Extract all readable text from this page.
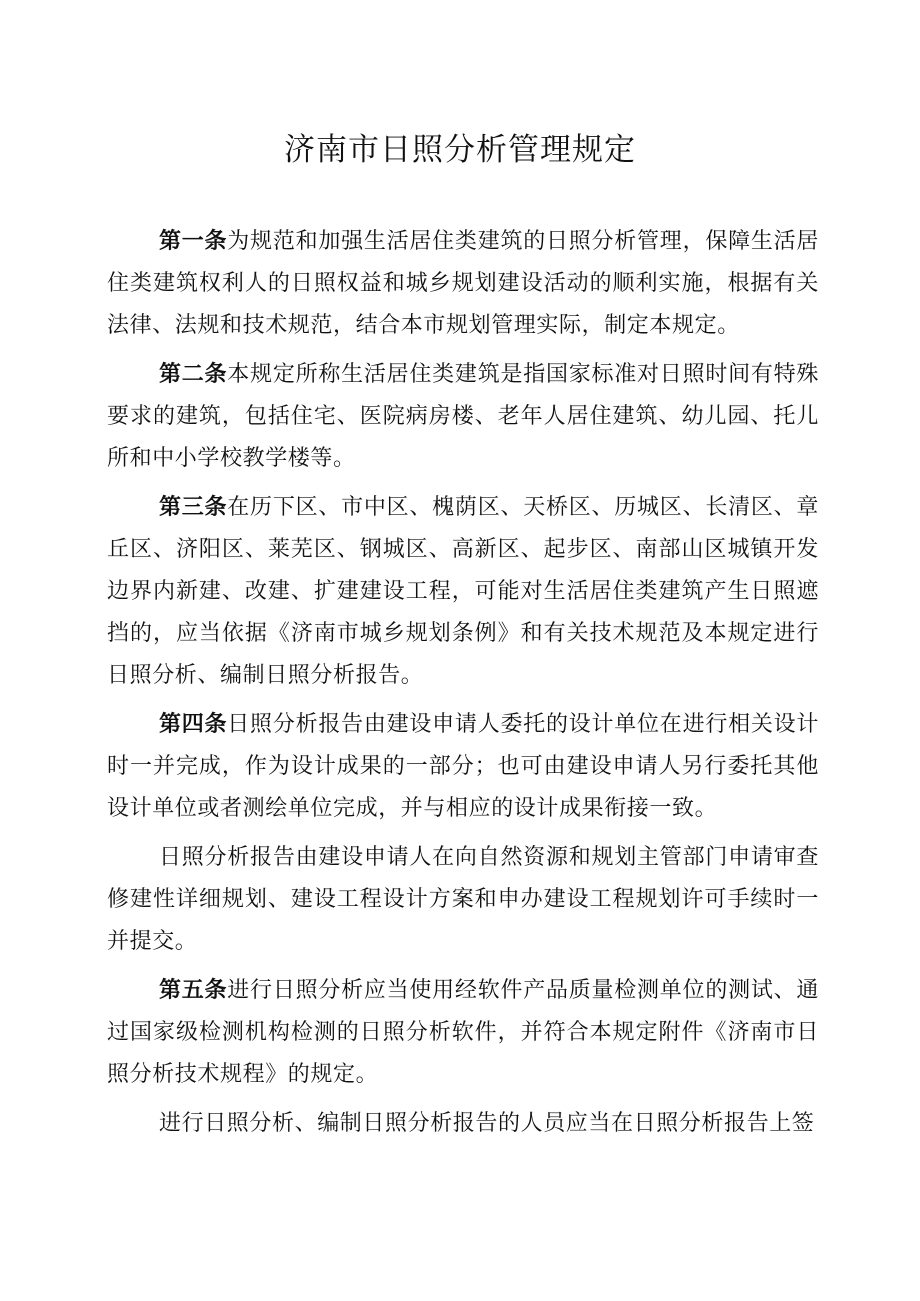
济南市日照分析管理规定

第一条为规范和加强生活居住类建筑的日照分析管理，保障生活居住类建筑权利人的日照权益和城乡规划建设活动的顺利实施，根据有关法律、法规和技术规范，结合本市规划管理实际，制定本规定。

第二条本规定所称生活居住类建筑是指国家标准对日照时间有特殊要求的建筑，包括住宅、医院病房楼、老年人居住建筑、幼儿园、托儿所和中小学校教学楼等。

第三条在历下区、市中区、槐荫区、天桥区、历城区、长清区、章丘区、济阳区、莱芜区、钢城区、高新区、起步区、南部山区城镇开发边界内新建、改建、扩建建设工程，可能对生活居住类建筑产生日照遮挡的，应当依据《济南市城乡规划条例》和有关技术规范及本规定进行日照分析、编制日照分析报告。

第四条日照分析报告由建设申请人委托的设计单位在进行相关设计时一并完成，作为设计成果的一部分；也可由建设申请人另行委托其他设计单位或者测绘单位完成，并与相应的设计成果衔接一致。

日照分析报告由建设申请人在向自然资源和规划主管部门申请审查修建性详细规划、建设工程设计方案和申办建设工程规划许可手续时一并提交。

第五条进行日照分析应当使用经软件产品质量检测单位的测试、通过国家级检测机构检测的日照分析软件，并符合本规定附件《济南市日照分析技术规程》的规定。

进行日照分析、编制日照分析报告的人员应当在日照分析报告上签
